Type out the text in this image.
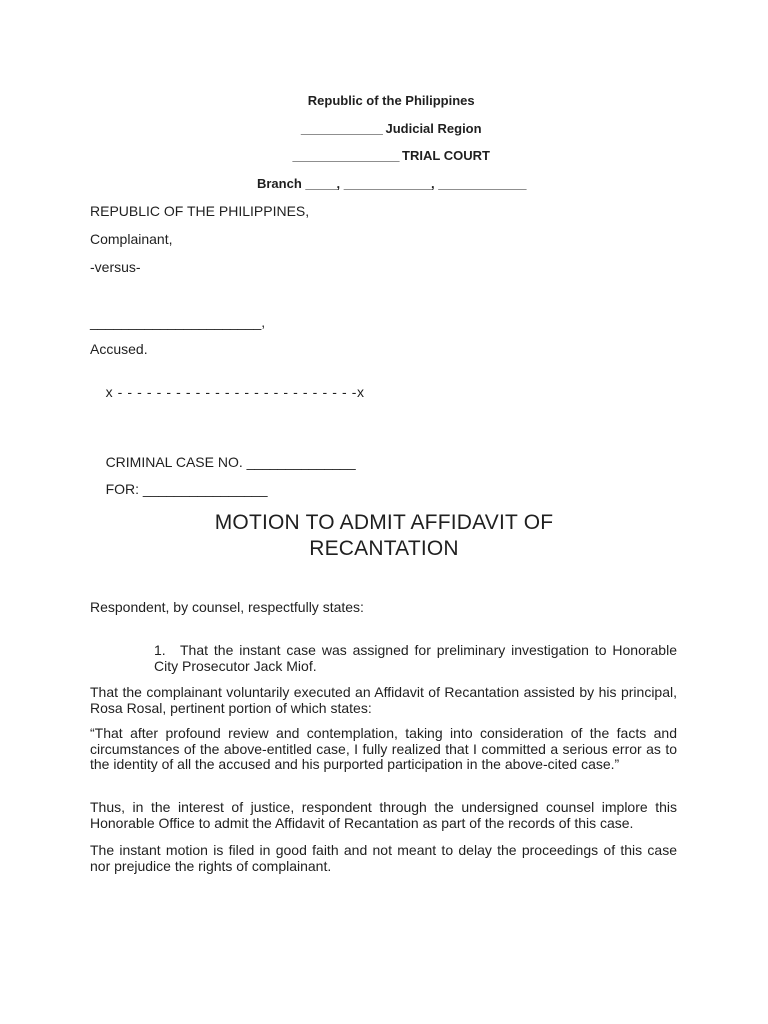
Republic of the Philippines

_____________ Judicial Region

_________________ TRIAL COURT

Branch _____, ______________, ______________

REPUBLIC OF THE PHILIPPINES,
Complainant,
-versus-
______________________,
Accused.

x - - - - - - - - - - - - - - - - - - - - - - - - -x

CRIMINAL CASE NO. ______________

FOR: ________________

MOTION TO ADMIT AFFIDAVIT OF
RECANTATION
Respondent, by counsel, respectfully states:
1. That the instant case was assigned for preliminary investigation to Honorable City Prosecutor Jack Miof.
That the complainant voluntarily executed an Affidavit of Recantation assisted by his principal, Rosa Rosal, pertinent portion of which states:
“That after profound review and contemplation, taking into consideration of the facts and circumstances of the above-entitled case, I fully realized that I committed a serious error as to the identity of all the accused and his purported participation in the above-cited case.”
Thus, in the interest of justice, respondent through the undersigned counsel implore this Honorable Office to admit the Affidavit of Recantation as part of the records of this case.
The instant motion is filed in good faith and not meant to delay the proceedings of this case nor prejudice the rights of complainant.
